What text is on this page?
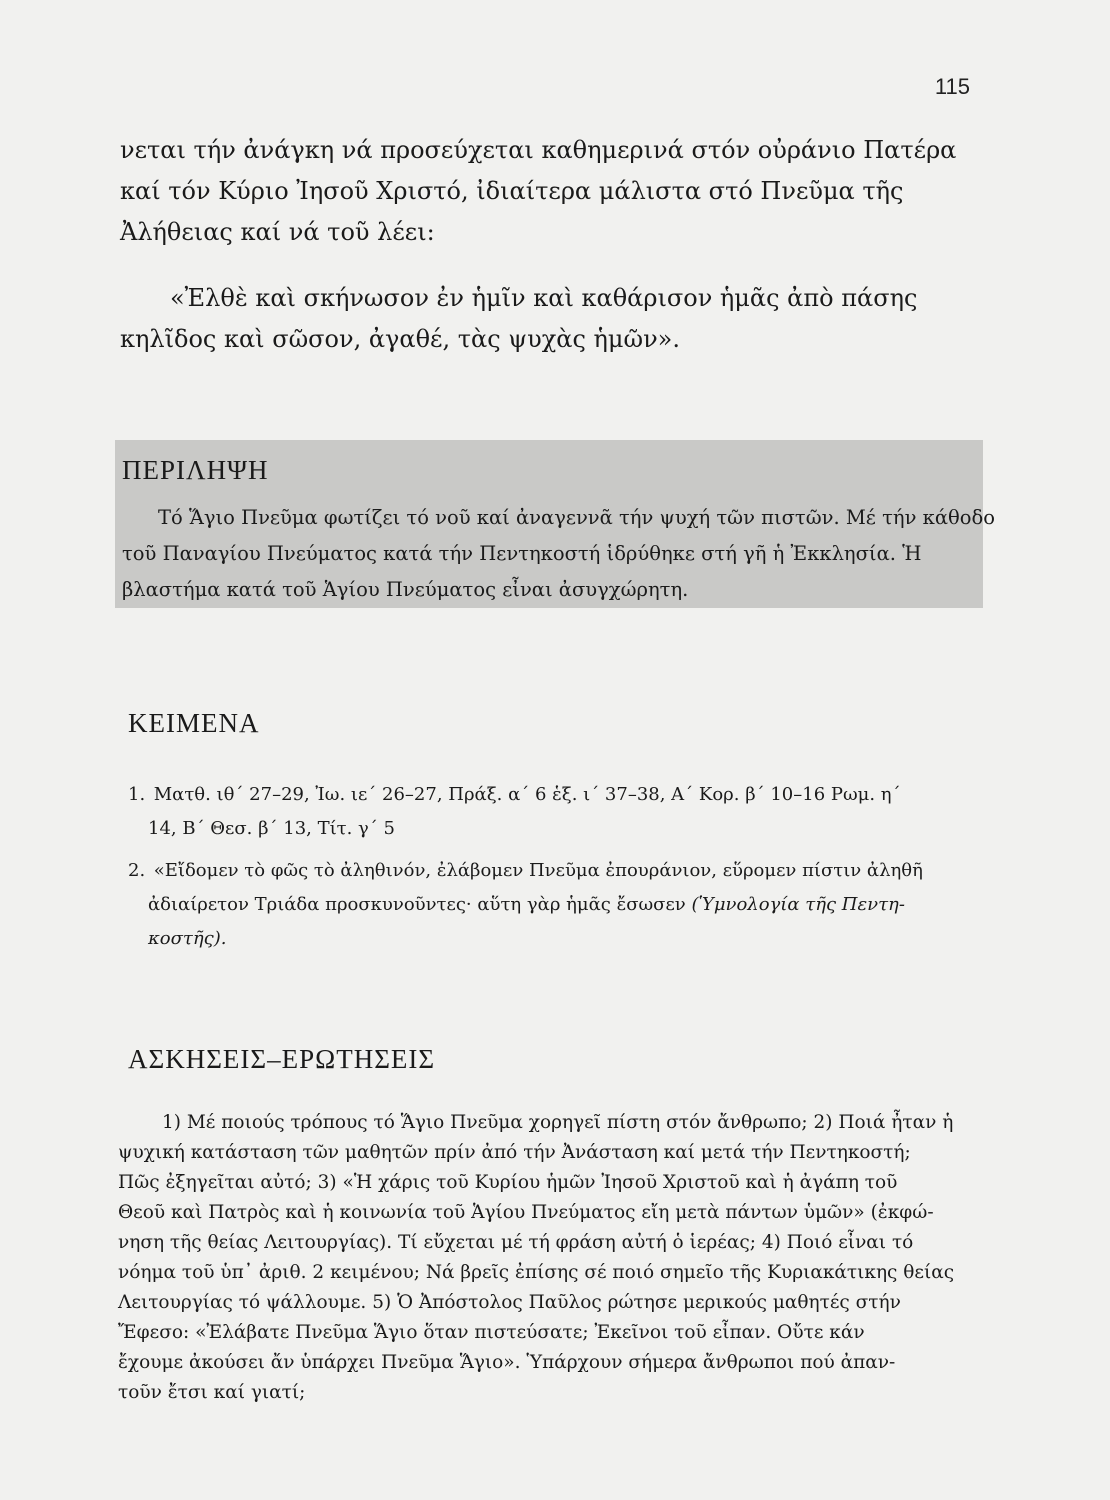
115

νεται τήν ἀνάγκη νά προσεύχεται καθημερινά στόν οὐράνιο Πατέρα
καί τόν Κύριο Ἰησοῦ Χριστό, ἰδιαίτερα μάλιστα στό Πνεῦμα τῆς
Ἀλήθειας καί νά τοῦ λέει:

«Ἐλθὲ καὶ σκήνωσον ἐν ἡμῖν καὶ καθάρισον ἡμᾶς ἀπὸ πάσης
κηλῖδος καὶ σῶσον, ἀγαθέ, τὰς ψυχὰς ἡμῶν».

ΠΕΡΙΛΗΨΗ
Τό Ἅγιο Πνεῦμα φωτίζει τό νοῦ καί ἀναγεννᾶ τήν ψυχή τῶν πιστῶν. Μέ τήν κάθοδο
τοῦ Παναγίου Πνεύματος κατά τήν Πεντηκοστή ἱδρύθηκε στή γῆ ἡ Ἐκκλησία. Ἡ
βλαστήμα κατά τοῦ Ἁγίου Πνεύματος εἶναι ἀσυγχώρητη.
ΚΕΙΜΕΝΑ
1. Ματθ. ιθ´ 27–29, Ἰω. ιε´ 26–27, Πράξ. α´ 6 ἑξ. ι´ 37–38, Α´ Κορ. β´ 10–16 Ρωμ. η´
14, Β´ Θεσ. β´ 13, Τίτ. γ´ 5
2. «Εἴδομεν τὸ φῶς τὸ ἀληθινόν, ἐλάβομεν Πνεῦμα ἐπουράνιον, εὕρομεν πίστιν ἀληθῆ
ἀδιαίρετον Τριάδα προσκυνοῦντες· αὕτη γὰρ ἡμᾶς ἔσωσεν (Ὑμνολογία τῆς Πεντη-
κοστῆς).
ΑΣΚΗΣΕΙΣ–ΕΡΩΤΗΣΕΙΣ
1) Μέ ποιούς τρόπους τό Ἅγιο Πνεῦμα χορηγεῖ πίστη στόν ἄνθρωπο; 2) Ποιά ἦταν ἡ
ψυχική κατάσταση τῶν μαθητῶν πρίν ἀπό τήν Ἀνάσταση καί μετά τήν Πεντηκοστή;
Πῶς ἐξηγεῖται αὐτό; 3) «Ἡ χάρις τοῦ Κυρίου ἡμῶν Ἰησοῦ Χριστοῦ καὶ ἡ ἀγάπη τοῦ
Θεοῦ καὶ Πατρὸς καὶ ἡ κοινωνία τοῦ Ἁγίου Πνεύματος εἴη μετὰ πάντων ὑμῶν» (ἐκφώ-
νηση τῆς θείας Λειτουργίας). Τί εὔχεται μέ τή φράση αὐτή ὁ ἱερέας; 4) Ποιό εἶναι τό
νόημα τοῦ ὑπ᾽ ἀριθ. 2 κειμένου; Νά βρεῖς ἐπίσης σέ ποιό σημεῖο τῆς Κυριακάτικης θείας
Λειτουργίας τό ψάλλουμε. 5) Ὁ Ἀπόστολος Παῦλος ρώτησε μερικούς μαθητές στήν
Ἔφεσο: «Ἐλάβατε Πνεῦμα Ἅγιο ὅταν πιστεύσατε; Ἐκεῖνοι τοῦ εἶπαν. Οὔτε κάν
ἔχουμε ἀκούσει ἄν ὑπάρχει Πνεῦμα Ἅγιο». Ὑπάρχουν σήμερα ἄνθρωποι πού ἀπαν-
τοῦν ἔτσι καί γιατί;
